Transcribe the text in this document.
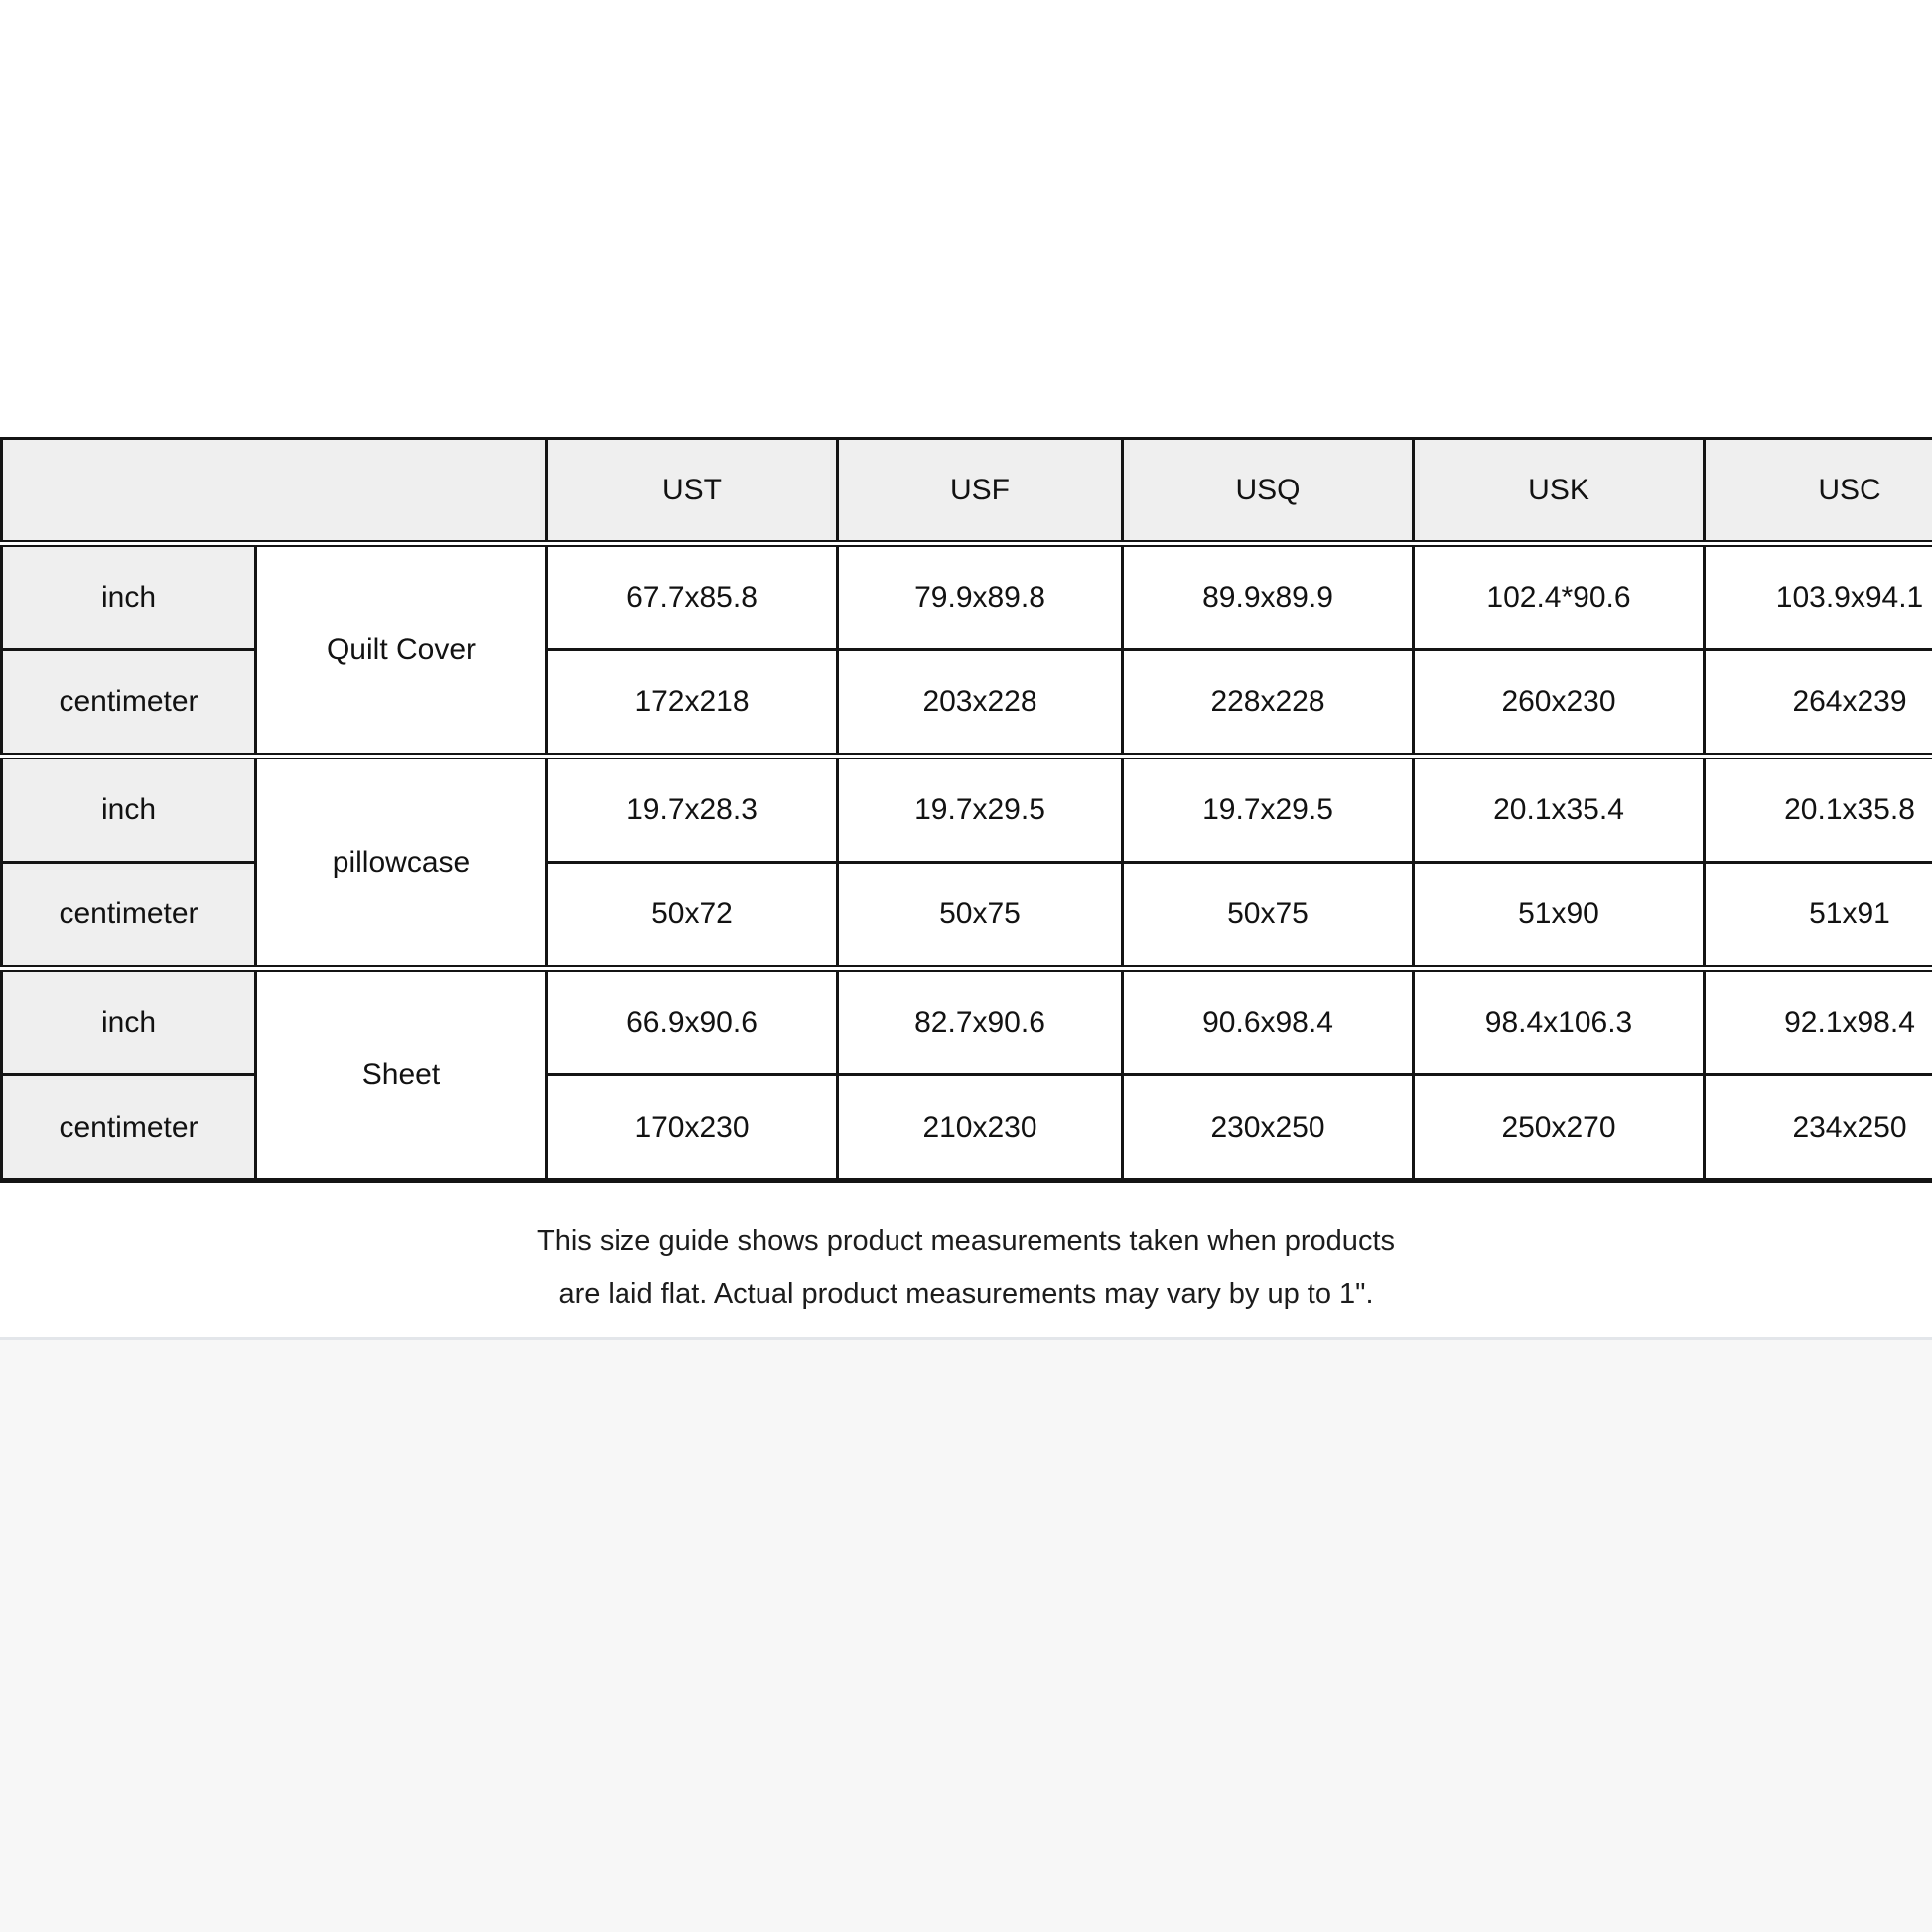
		UST	USF	USQ	USK	USC
inch	Quilt Cover	67.7x85.8	79.9x89.8	89.9x89.9	102.4*90.6	103.9x94.1
centimeter		172x218	203x228	228x228	260x230	264x239
inch	pillowcase	19.7x28.3	19.7x29.5	19.7x29.5	20.1x35.4	20.1x35.8
centimeter		50x72	50x75	50x75	51x90	51x91
inch	Sheet	66.9x90.6	82.7x90.6	90.6x98.4	98.4x106.3	92.1x98.4
centimeter		170x230	210x230	230x250	250x270	234x250
This size guide shows product measurements taken when products
are laid flat. Actual product measurements may vary by up to 1".
